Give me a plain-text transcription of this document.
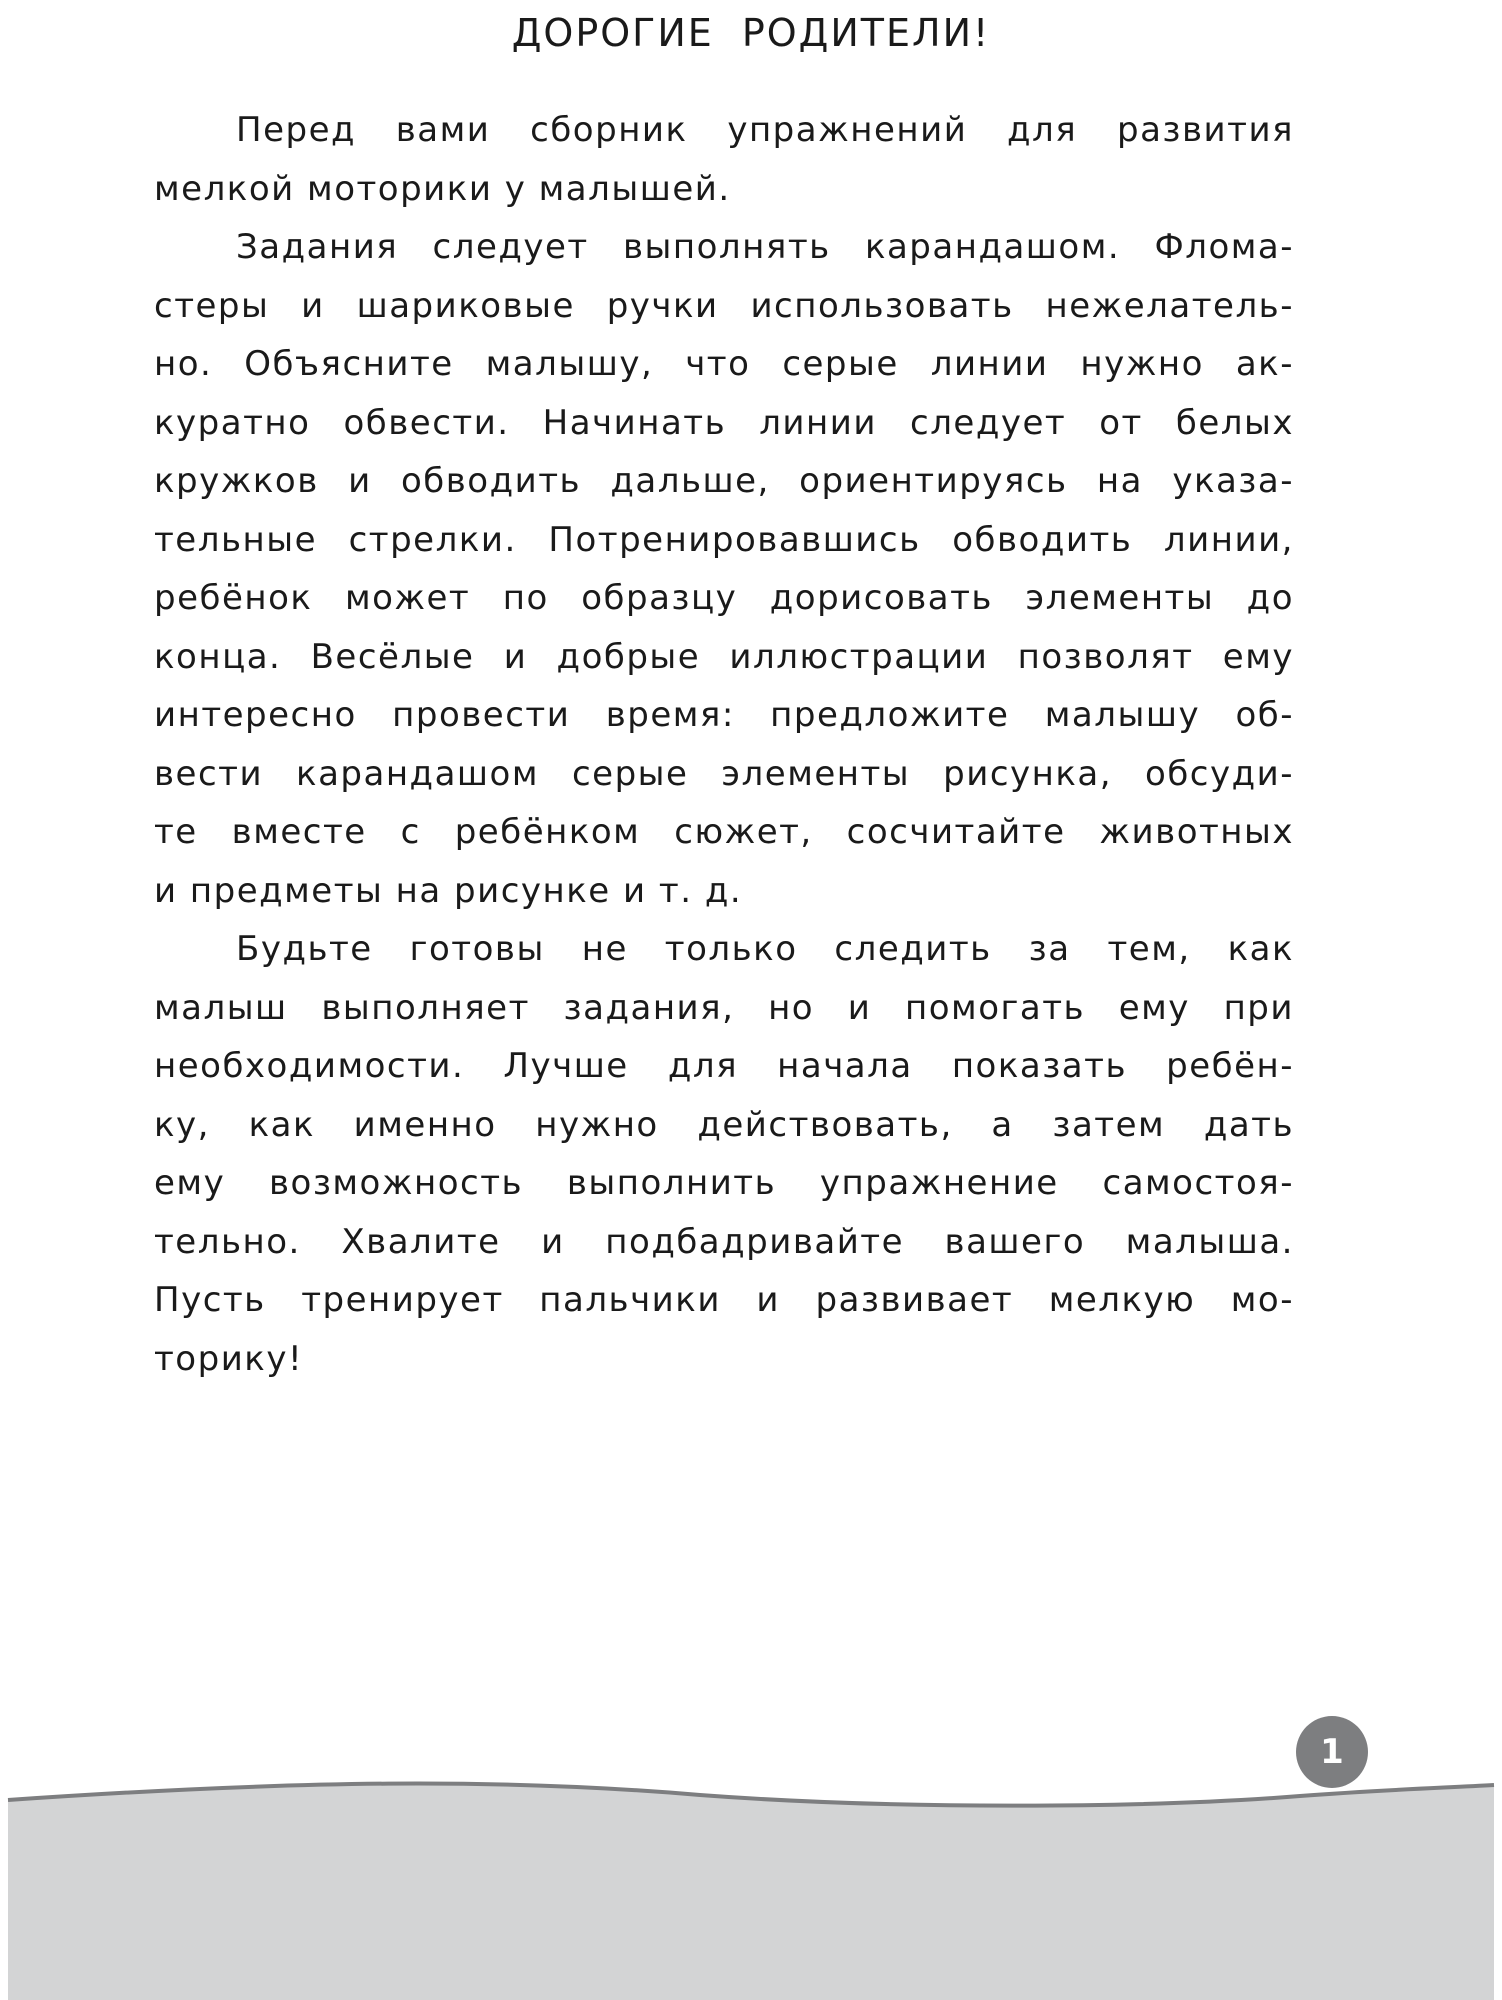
ДОРОГИЕ РОДИТЕЛИ!
Перед вами сборник упражнений для развития
мелкой моторики у малышей.
Задания следует выполнять карандашом. Флома-
стеры и шариковые ручки использовать нежелатель-
но. Объясните малышу, что серые линии нужно ак-
куратно обвести. Начинать линии следует от белых
кружков и обводить дальше, ориентируясь на указа-
тельные стрелки. Потренировавшись обводить линии,
ребёнок может по образцу дорисовать элементы до
конца. Весёлые и добрые иллюстрации позволят ему
интересно провести время: предложите малышу об-
вести карандашом серые элементы рисунка, обсуди-
те вместе с ребёнком сюжет, сосчитайте животных
и предметы на рисунке и т. д.
Будьте готовы не только следить за тем, как
малыш выполняет задания, но и помогать ему при
необходимости. Лучше для начала показать ребён-
ку, как именно нужно действовать, а затем дать
ему возможность выполнить упражнение самостоя-
тельно. Хвалите и подбадривайте вашего малыша.
Пусть тренирует пальчики и развивает мелкую мо-
торику!
1
